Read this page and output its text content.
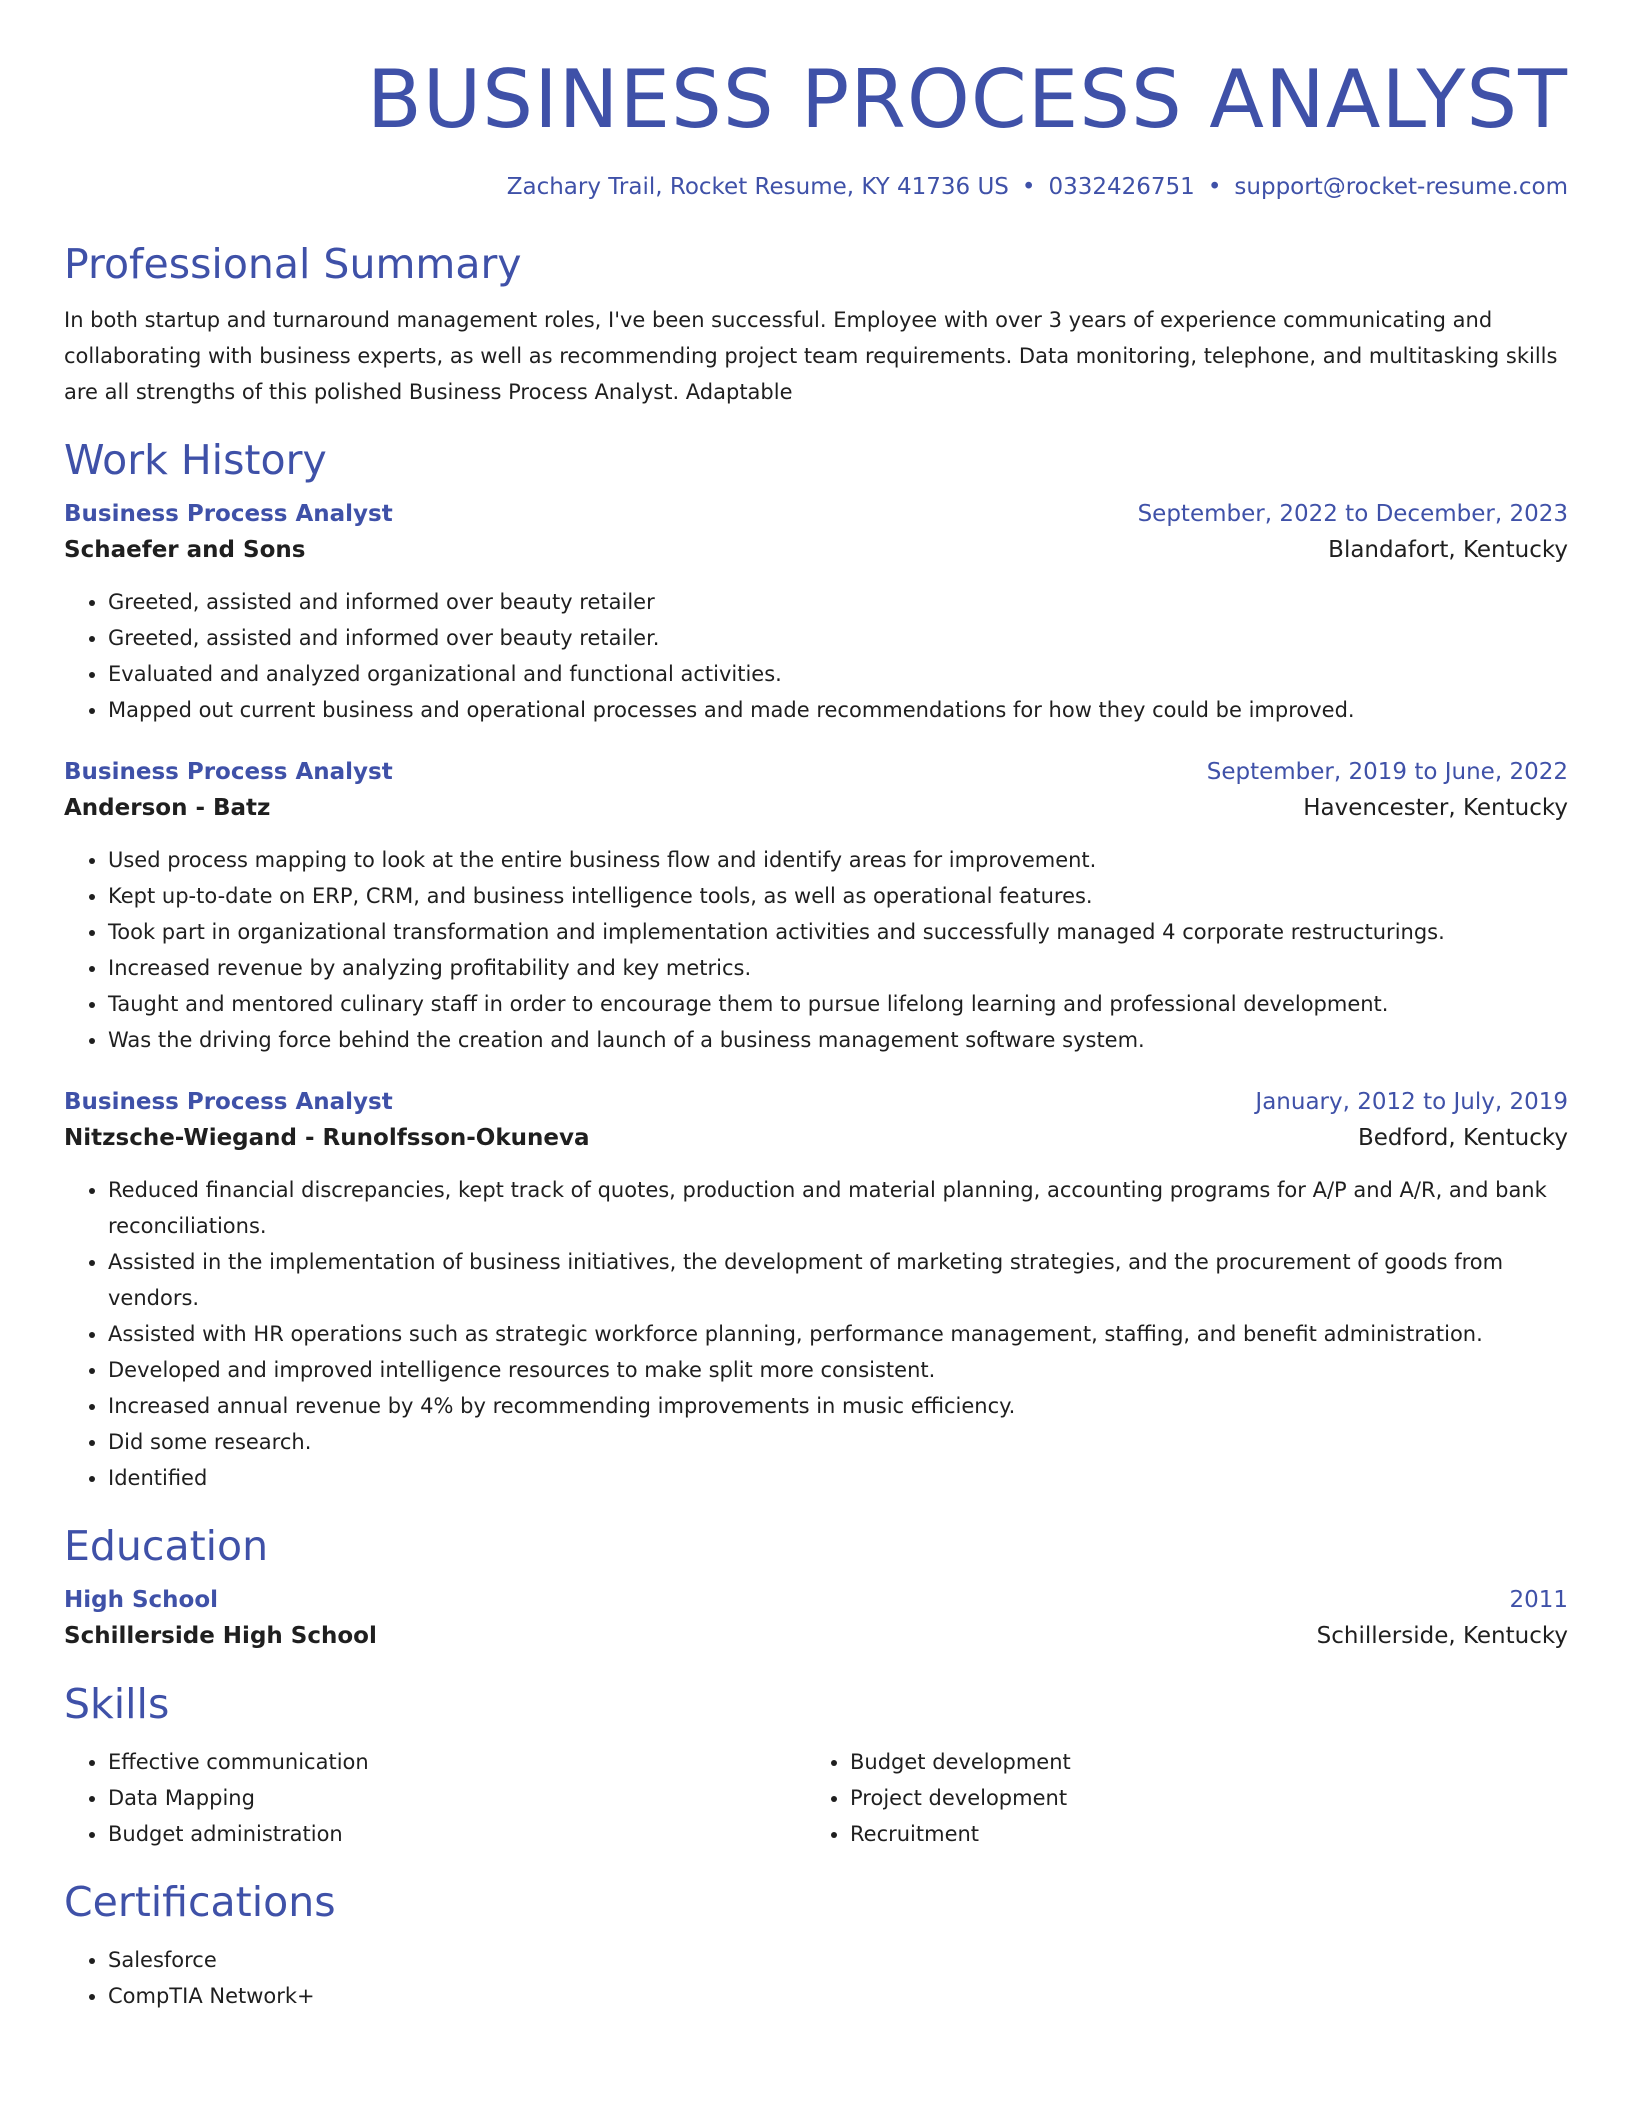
BUSINESS PROCESS ANALYST
Zachary Trail, Rocket Resume, KY 41736 US • 0332426751 • support@rocket-resume.com
Professional Summary
In both startup and turnaround management roles, I've been successful. Employee with over 3 years of experience communicating and collaborating with business experts, as well as recommending project team requirements. Data monitoring, telephone, and multitasking skills are all strengths of this polished Business Process Analyst. Adaptable
Work History
Business Process Analyst	September, 2022 to December, 2023
Schaefer and Sons	Blandafort, Kentucky
• Greeted, assisted and informed over beauty retailer
• Greeted, assisted and informed over beauty retailer.
• Evaluated and analyzed organizational and functional activities.
• Mapped out current business and operational processes and made recommendations for how they could be improved.
Business Process Analyst	September, 2019 to June, 2022
Anderson - Batz	Havencester, Kentucky
• Used process mapping to look at the entire business flow and identify areas for improvement.
• Kept up-to-date on ERP, CRM, and business intelligence tools, as well as operational features.
• Took part in organizational transformation and implementation activities and successfully managed 4 corporate restructurings.
• Increased revenue by analyzing profitability and key metrics.
• Taught and mentored culinary staff in order to encourage them to pursue lifelong learning and professional development.
• Was the driving force behind the creation and launch of a business management software system.
Business Process Analyst	January, 2012 to July, 2019
Nitzsche-Wiegand - Runolfsson-Okuneva	Bedford, Kentucky
• Reduced financial discrepancies, kept track of quotes, production and material planning, accounting programs for A/P and A/R, and bank reconciliations.
• Assisted in the implementation of business initiatives, the development of marketing strategies, and the procurement of goods from vendors.
• Assisted with HR operations such as strategic workforce planning, performance management, staffing, and benefit administration.
• Developed and improved intelligence resources to make split more consistent.
• Increased annual revenue by 4% by recommending improvements in music efficiency.
• Did some research.
• Identified
Education
High School	2011
Schillerside High School	Schillerside, Kentucky
Skills
• Effective communication
• Data Mapping
• Budget administration
• Budget development
• Project development
• Recruitment
Certifications
• Salesforce
• CompTIA Network+
